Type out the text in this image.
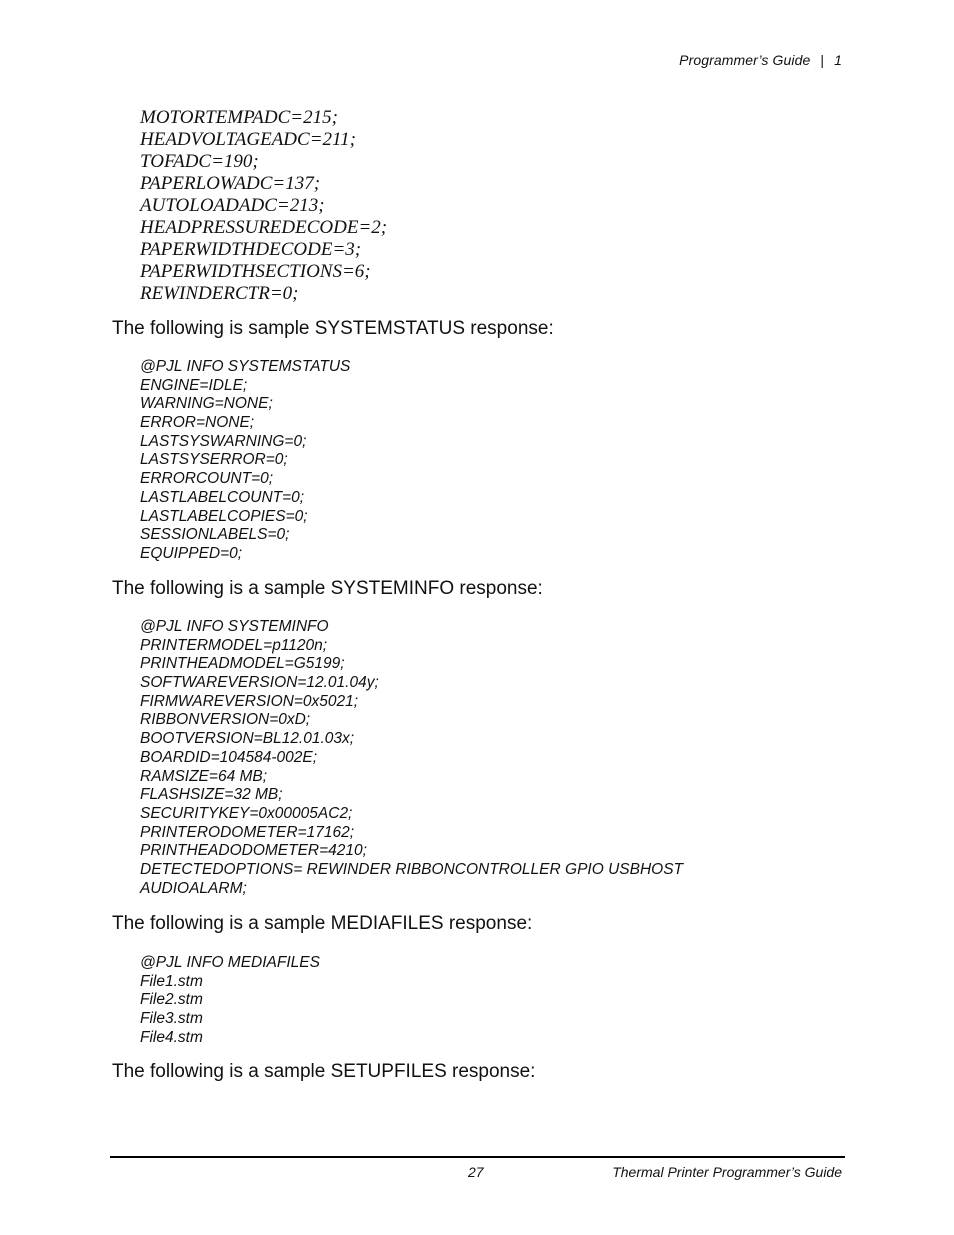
Programmer’s Guide | 1
MOTORTEMPADC=215;
HEADVOLTAGEADC=211;
TOFADC=190;
PAPERLOWADC=137;
AUTOLOADADC=213;
HEADPRESSUREDECODE=2;
PAPERWIDTHDECODE=3;
PAPERWIDTHSECTIONS=6;
REWINDERCTR=0;
The following is sample SYSTEMSTATUS response:
@PJL INFO SYSTEMSTATUS
ENGINE=IDLE;
WARNING=NONE;
ERROR=NONE;
LASTSYSWARNING=0;
LASTSYSERROR=0;
ERRORCOUNT=0;
LASTLABELCOUNT=0;
LASTLABELCOPIES=0;
SESSIONLABELS=0;
EQUIPPED=0;
The following is a sample SYSTEMINFO response:
@PJL INFO SYSTEMINFO
PRINTERMODEL=p1120n;
PRINTHEADMODEL=G5199;
SOFTWAREVERSION=12.01.04y;
FIRMWAREVERSION=0x5021;
RIBBONVERSION=0xD;
BOOTVERSION=BL12.01.03x;
BOARDID=104584-002E;
RAMSIZE=64 MB;
FLASHSIZE=32 MB;
SECURITYKEY=0x00005AC2;
PRINTERODOMETER=17162;
PRINTHEADODOMETER=4210;
DETECTEDOPTIONS= REWINDER RIBBONCONTROLLER GPIO USBHOST
AUDIOALARM;
The following is a sample MEDIAFILES response:
@PJL INFO MEDIAFILES
File1.stm
File2.stm
File3.stm
File4.stm
The following is a sample SETUPFILES response:
27	Thermal Printer Programmer’s Guide
